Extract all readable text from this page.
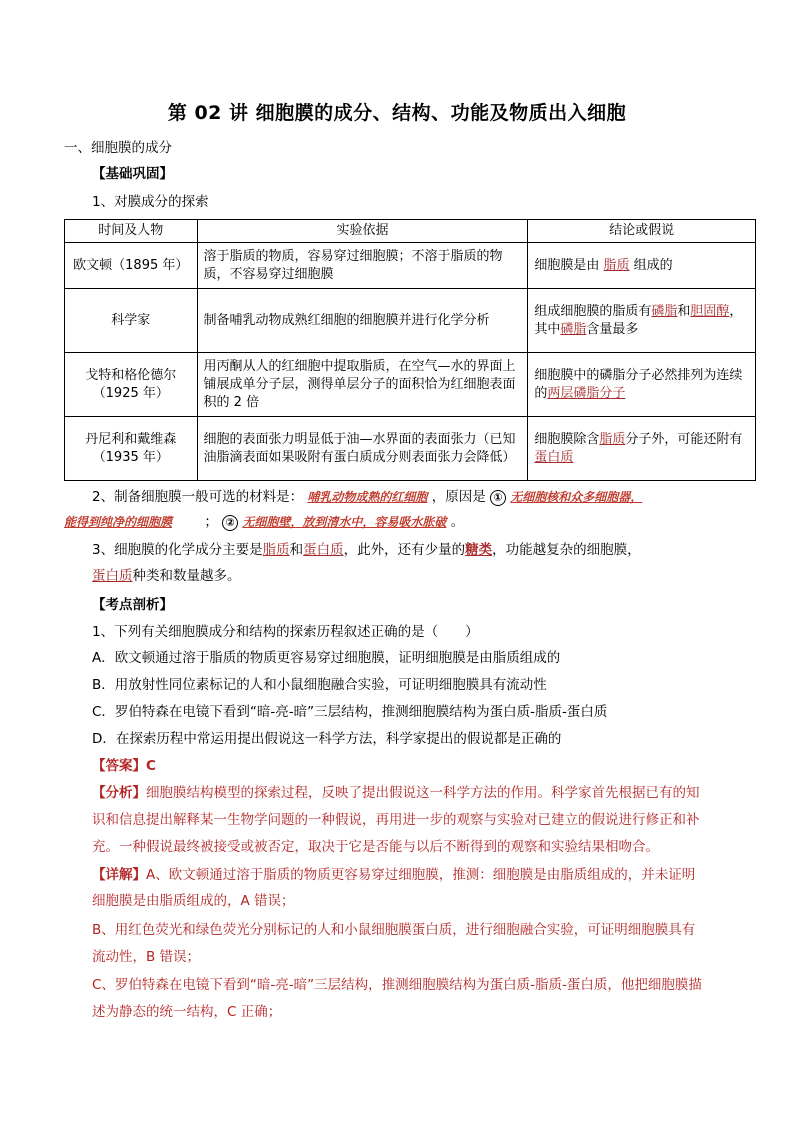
第 02 讲 细胞膜的成分、结构、功能及物质出入细胞
一、细胞膜的成分
【基础巩固】
1、对膜成分的探索
时间及人物	实验依据	结论或假说
欧文顿（1895 年）	溶于脂质的物质，容易穿过细胞膜；不溶于脂质的物质，不容易穿过细胞膜	细胞膜是由 脂质 组成的
科学家	制备哺乳动物成熟红细胞的细胞膜并进行化学分析	组成细胞膜的脂质有磷脂和胆固醇，其中磷脂含量最多

戈特和格伦德尔
（1925 年）	用丙酮从人的红细胞中提取脂质，在空气—水的界面上铺展成单分子层，测得单层分子的面积恰为红细胞表面积的 2 倍	细胞膜中的磷脂分子必然排列为连续的两层磷脂分子

丹尼利和戴维森
（1935 年）	细胞的表面张力明显低于油—水界面的表面张力（已知油脂滴表面如果吸附有蛋白质成分则表面张力会降低）	细胞膜除含脂质分子外，可能还附有蛋白质
2、制备细胞膜一般可选的材料是： 哺乳动物成熟的红细胞 ，原因是 ① 无细胞核和众多细胞器，
能得到纯净的细胞膜 ； ② 无细胞壁，放到清水中，容易吸水胀破 。
3、细胞膜的化学成分主要是脂质和蛋白质，此外，还有少量的糖类，功能越复杂的细胞膜，
蛋白质种类和数量越多。
【考点剖析】
1、下列有关细胞膜成分和结构的探索历程叙述正确的是（　　）
A．欧文顿通过溶于脂质的物质更容易穿过细胞膜，证明细胞膜是由脂质组成的
B．用放射性同位素标记的人和小鼠细胞融合实验，可证明细胞膜具有流动性
C．罗伯特森在电镜下看到“暗-亮-暗”三层结构，推测细胞膜结构为蛋白质-脂质-蛋白质
D．在探索历程中常运用提出假说这一科学方法，科学家提出的假说都是正确的
【答案】C
【分析】细胞膜结构模型的探索过程，反映了提出假说这一科学方法的作用。科学家首先根据已有的知
识和信息提出解释某一生物学问题的一种假说，再用进一步的观察与实验对已建立的假说进行修正和补
充。一种假说最终被接受或被否定，取决于它是否能与以后不断得到的观察和实验结果相吻合。
【详解】A、欧文顿通过溶于脂质的物质更容易穿过细胞膜，推测：细胞膜是由脂质组成的，并未证明
细胞膜是由脂质组成的，A 错误；
B、用红色荧光和绿色荧光分别标记的人和小鼠细胞膜蛋白质，进行细胞融合实验，可证明细胞膜具有
流动性，B 错误；
C、罗伯特森在电镜下看到“暗-亮-暗”三层结构，推测细胞膜结构为蛋白质-脂质-蛋白质，他把细胞膜描
述为静态的统一结构，C 正确；
